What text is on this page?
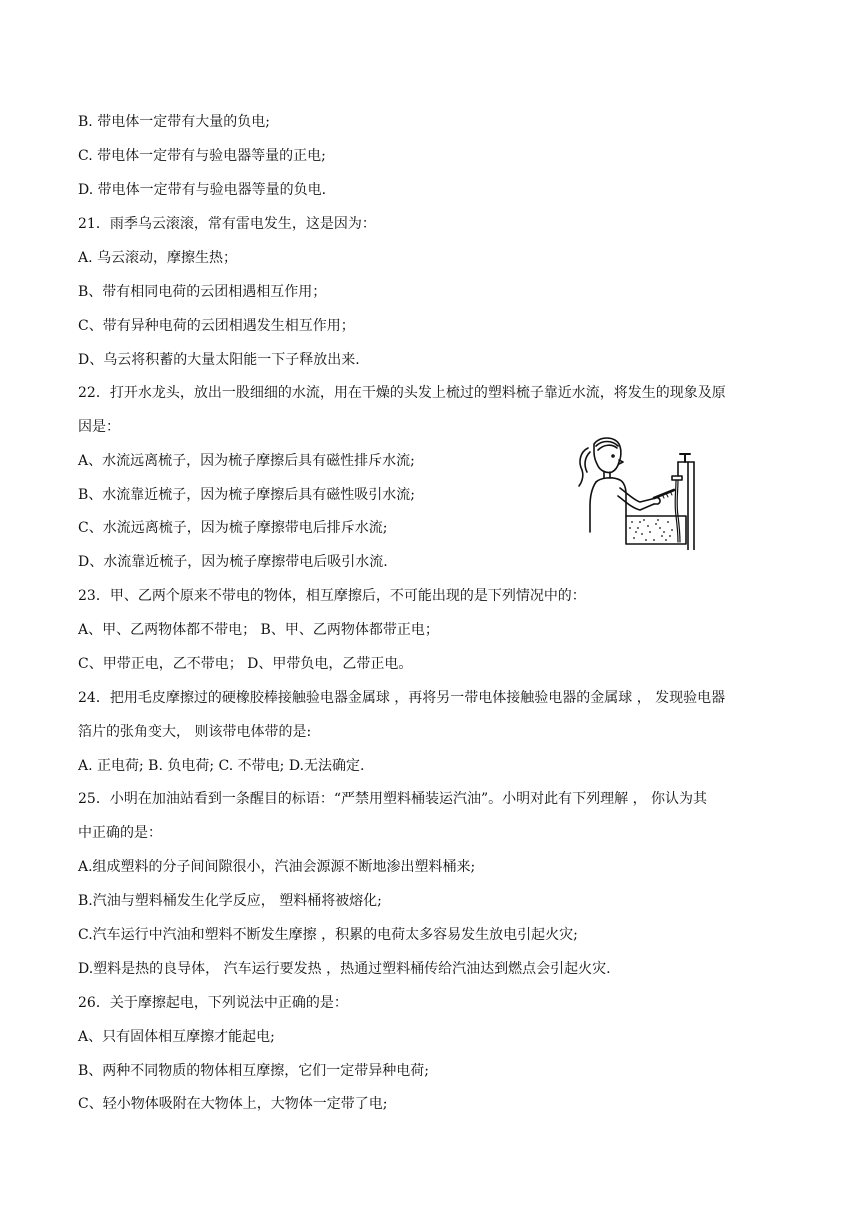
B. 带电体一定带有大量的负电;
C. 带电体一定带有与验电器等量的正电;
D. 带电体一定带有与验电器等量的负电.
21．雨季乌云滚滚，常有雷电发生，这是因为：
A. 乌云滚动，摩擦生热；
B、带有相同电荷的云团相遇相互作用；
C、带有异种电荷的云团相遇发生相互作用；
D、乌云将积蓄的大量太阳能一下子释放出来.
22．打开水龙头，放出一股细细的水流，用在干燥的头发上梳过的塑料梳子靠近水流，将发生的现象及原
因是：
A、水流远离梳子，因为梳子摩擦后具有磁性排斥水流;
B、水流靠近梳子，因为梳子摩擦后具有磁性吸引水流;
C、水流远离梳子，因为梳子摩擦带电后排斥水流;
D、水流靠近梳子，因为梳子摩擦带电后吸引水流.
23．甲、乙两个原来不带电的物体，相互摩擦后，不可能出现的是下列情况中的：
A、甲、乙两物体都不带电； B、甲、乙两物体都带正电；
C、甲带正电，乙不带电； D、甲带负电，乙带正电。
24．把用毛皮摩擦过的硬橡胶棒接触验电器金属球 ，再将另一带电体接触验电器的金属球 ， 发现验电器
箔片的张角变大， 则该带电体带的是:
A. 正电荷; B. 负电荷; C. 不带电; D.无法确定.
25．小明在加油站看到一条醒目的标语：“严禁用塑料桶装运汽油”。小明对此有下列理解 ， 你认为其
中正确的是：
A.组成塑料的分子间间隙很小，汽油会源源不断地渗出塑料桶来;
B.汽油与塑料桶发生化学反应， 塑料桶将被熔化;
C.汽车运行中汽油和塑料不断发生摩擦 ，积累的电荷太多容易发生放电引起火灾;
D.塑料是热的良导体， 汽车运行要发热 ，热通过塑料桶传给汽油达到燃点会引起火灾.
26．关于摩擦起电，下列说法中正确的是：
A、只有固体相互摩擦才能起电;
B、两种不同物质的物体相互摩擦，它们一定带异种电荷;
C、轻小物体吸附在大物体上，大物体一定带了电;
